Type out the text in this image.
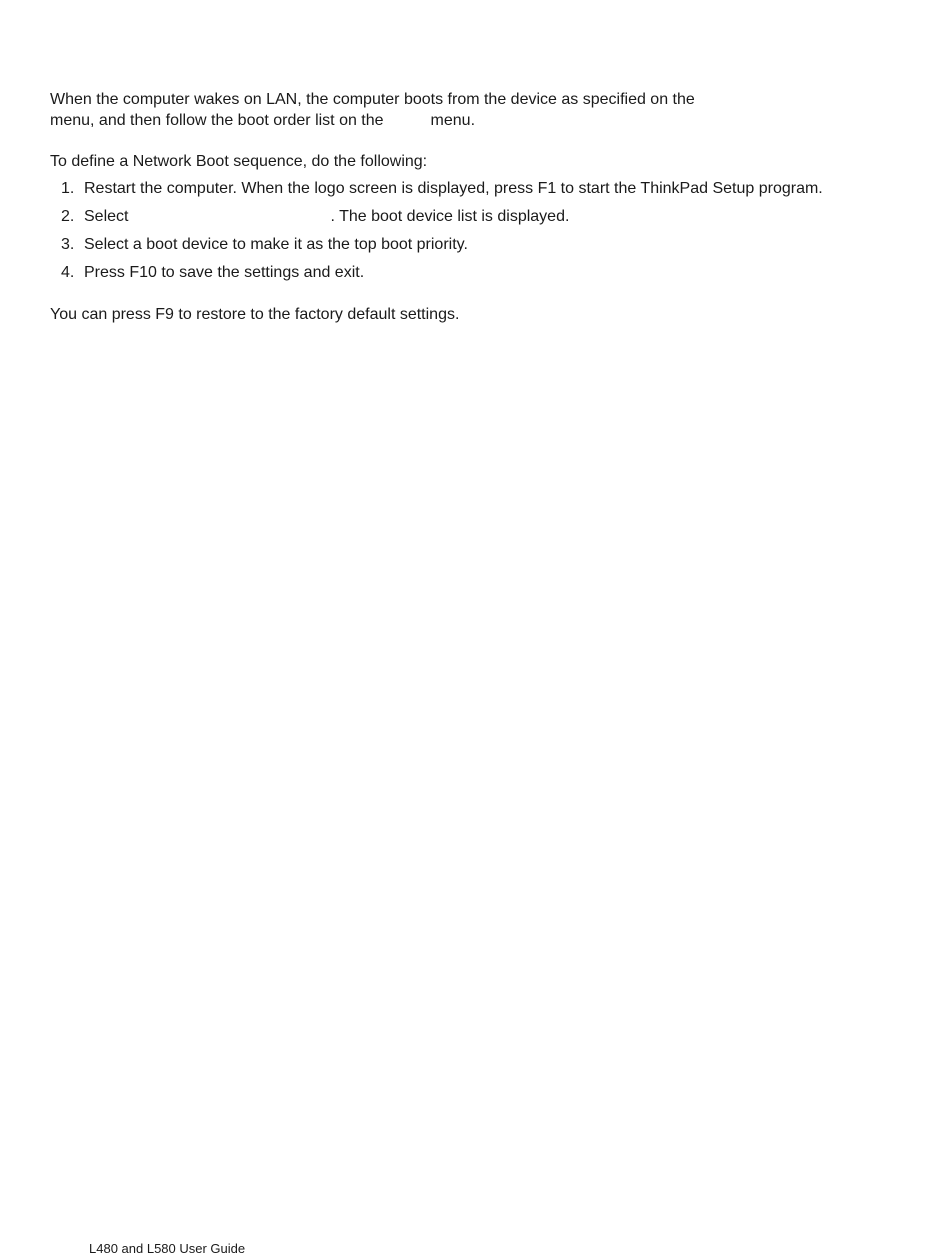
When the computer wakes on LAN, the computer boots from the device as specified on the
menu, and then follow the boot order list on the	menu.

To define a Network Boot sequence, do the following:

1. Restart the computer. When the logo screen is displayed, press F1 to start the ThinkPad Setup program.
2. Select	. The boot device list is displayed.
3. Select a boot device to make it as the top boot priority.
4. Press F10 to save the settings and exit.

You can press F9 to restore to the factory default settings.

L480 and L580 User Guide
